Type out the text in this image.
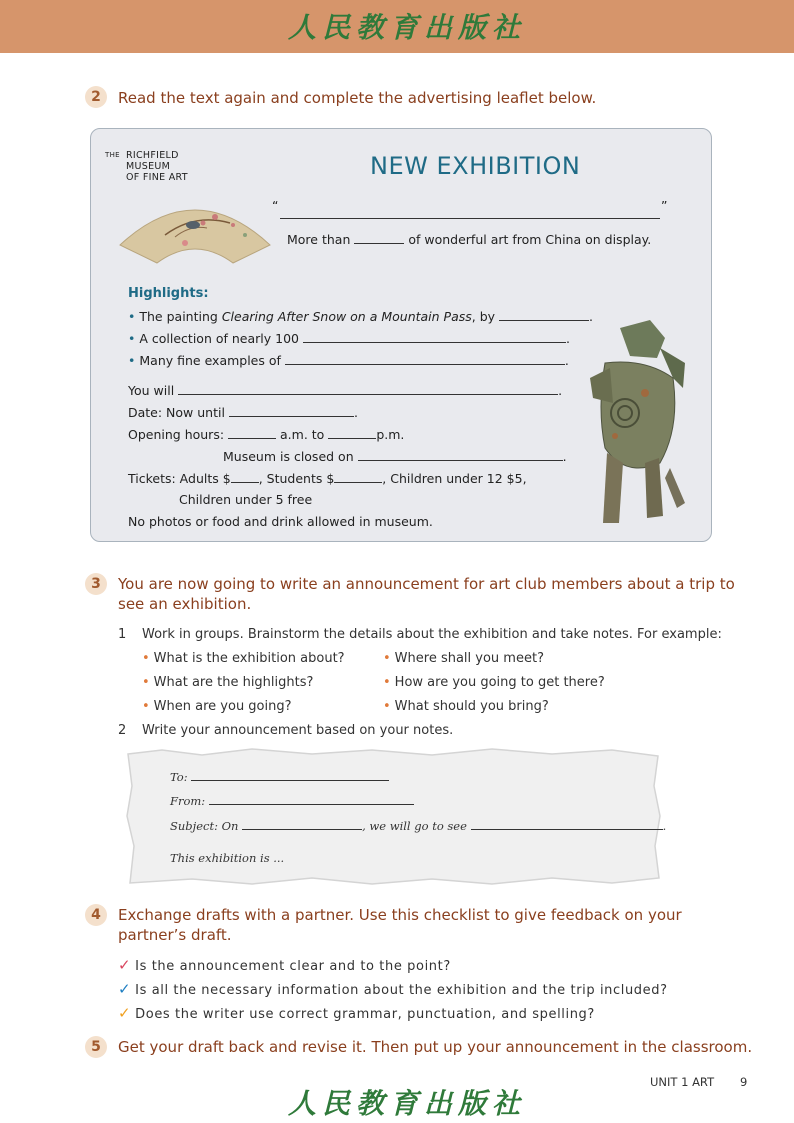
人民教育出版社
2	Read the text again and complete the advertising leaflet below.
THE RICHFIELD
MUSEUM
OF FINE ART	NEW EXHIBITION
“	”
More than	of wonderful art from China on display.
Highlights:
• The painting Clearing After Snow on a Mountain Pass, by	.
• A collection of nearly 100	.
• Many fine examples of	.
You will	.
Date: Now until	.
Opening hours:	a.m. to	p.m.
Museum is closed on	.
Tickets: Adults $ , Students $	, Children under 12 $5,
Children under 5 free
No photos or food and drink allowed in museum.
3	You are now going to write an announcement for art club members about a trip to
see an exhibition.
1 Work in groups. Brainstorm the details about the exhibition and take notes. For example:
• What is the exhibition about?
• What are the highlights?
• When are you going?
• Where shall you meet?
• How are you going to get there?
• What should you bring?
2 Write your announcement based on your notes.
To:
From:
Subject: On	, we will go to see	.
This exhibition is ...
4	Exchange drafts with a partner. Use this checklist to give feedback on your
partner’s draft.
✓ Is the announcement clear and to the point?
✓ Is all the necessary information about the exhibition and the trip included?
✓ Does the writer use correct grammar, punctuation, and spelling?
5	Get your draft back and revise it. Then put up your announcement in the classroom.
UNIT 1 ART 9
人民教育出版社
